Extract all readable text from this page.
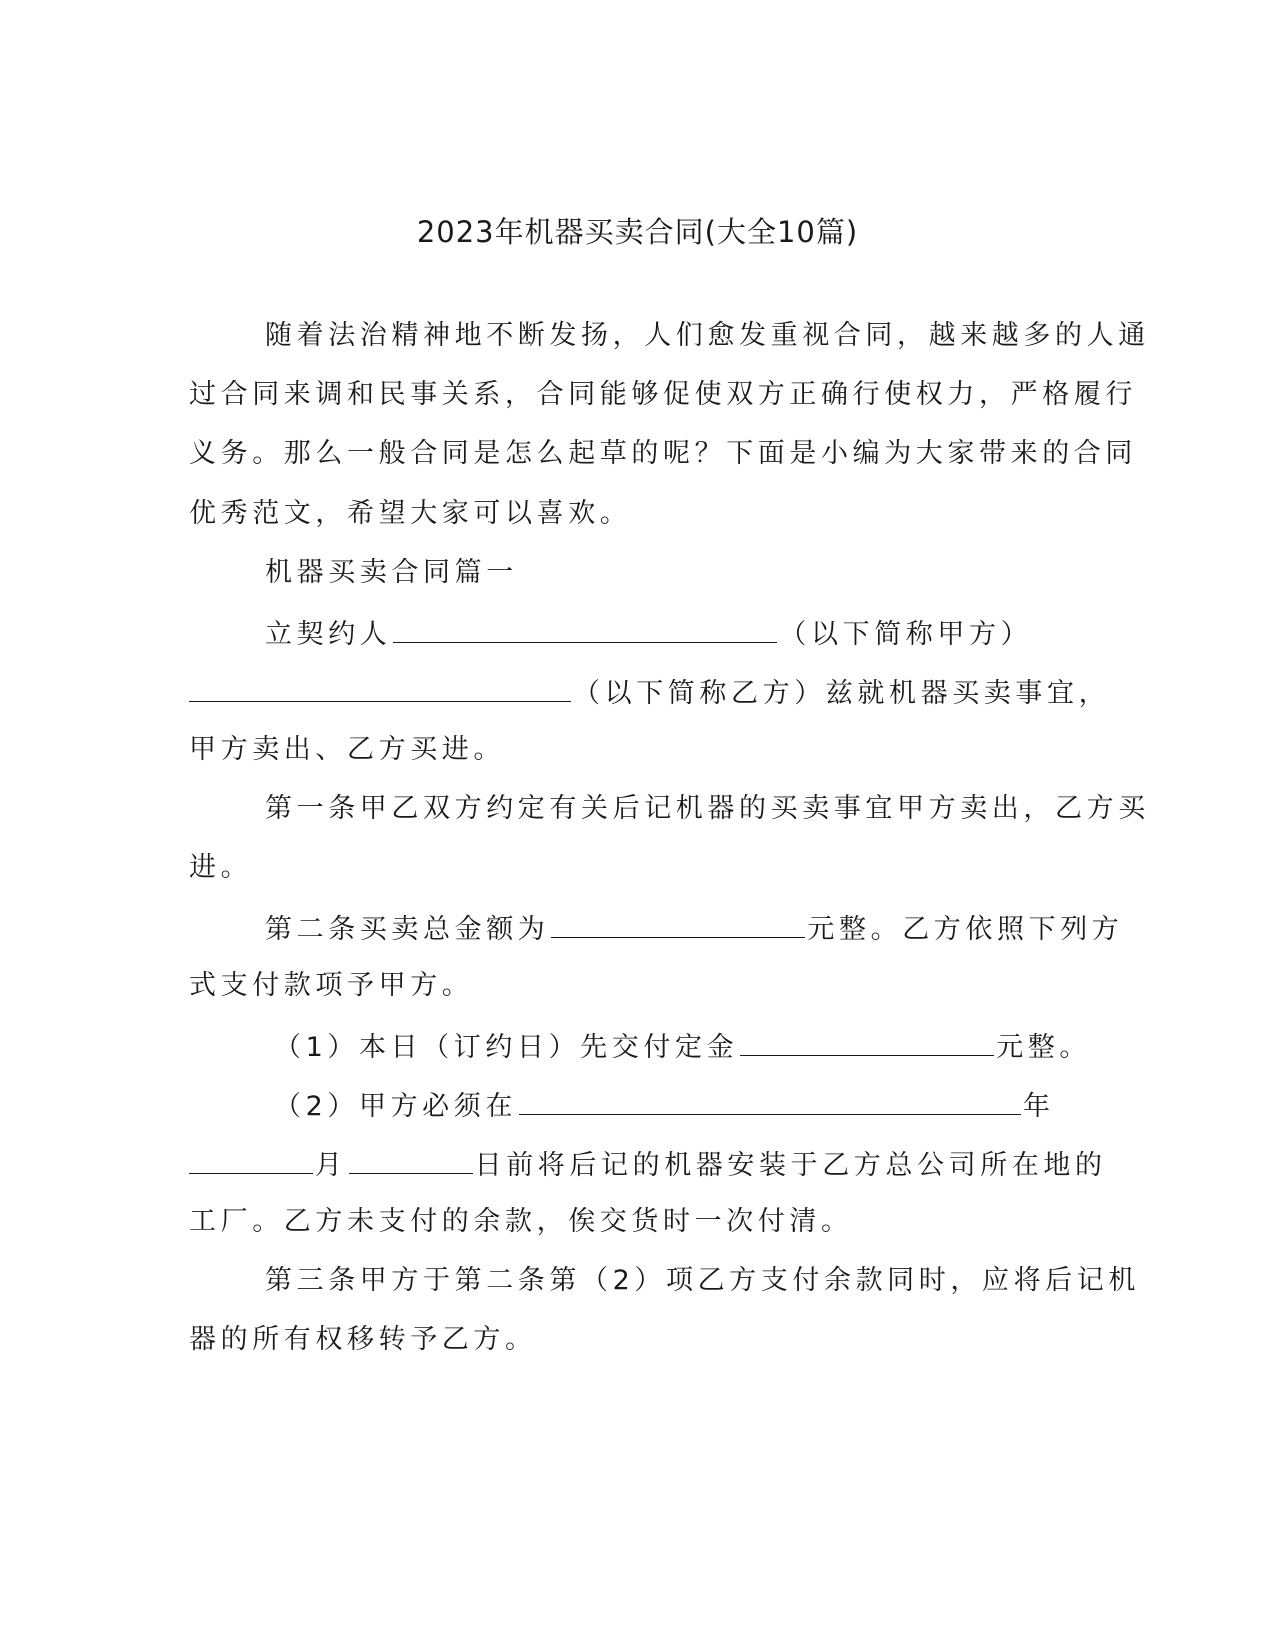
2023年机器买卖合同(大全10篇)
随着法治精神地不断发扬，人们愈发重视合同，越来越多的人通
过合同来调和民事关系，合同能够促使双方正确行使权力，严格履行
义务。那么一般合同是怎么起草的呢？下面是小编为大家带来的合同
优秀范文，希望大家可以喜欢。
机器买卖合同篇一
立契约人	（以下简称甲方）
（以下简称乙方）兹就机器买卖事宜，
甲方卖出、乙方买进。
第一条甲乙双方约定有关后记机器的买卖事宜甲方卖出，乙方买
进。
第二条买卖总金额为	元整。乙方依照下列方
式支付款项予甲方。
（1）本日（订约日）先交付定金	元整。
（2）甲方必须在	年
月	日前将后记的机器安装于乙方总公司所在地的
工厂。乙方未支付的余款，俟交货时一次付清。
第三条甲方于第二条第（2）项乙方支付余款同时，应将后记机
器的所有权移转予乙方。
